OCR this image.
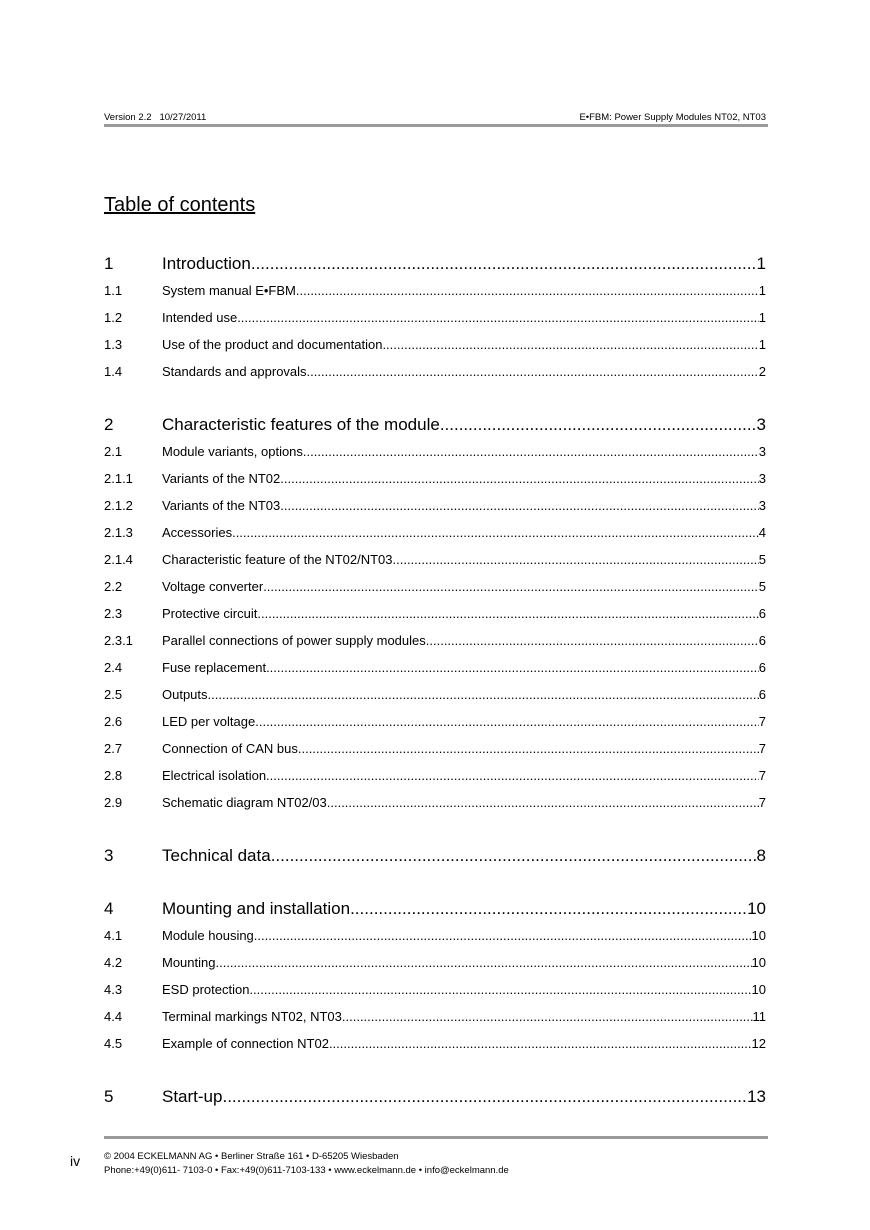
Version 2.2   10/27/2011	E•FBM: Power Supply Modules NT02, NT03
Table of contents
1	Introduction .....	1
1.1	System manual E•FBM .....	1
1.2	Intended use .....	1
1.3	Use of the product and documentation .....	1
1.4	Standards and approvals .....	2
2	Characteristic features of the module .....	3
2.1	Module variants, options .....	3
2.1.1	Variants of the NT02 .....	3
2.1.2	Variants of the NT03 .....	3
2.1.3	Accessories .....	4
2.1.4	Characteristic feature of the NT02/NT03 .....	5
2.2	Voltage converter .....	5
2.3	Protective circuit .....	6
2.3.1	Parallel connections of power supply modules .....	6
2.4	Fuse replacement .....	6
2.5	Outputs .....	6
2.6	LED per voltage .....	7
2.7	Connection of CAN bus .....	7
2.8	Electrical isolation .....	7
2.9	Schematic diagram NT02/03 .....	7
3	Technical data .....	8
4	Mounting and installation .....	10
4.1	Module housing .....	10
4.2	Mounting .....	10
4.3	ESD protection .....	10
4.4	Terminal markings NT02, NT03 .....	11
4.5	Example of connection NT02 .....	12
5	Start-up .....	13
iv	© 2004 ECKELMANN AG • Berliner Straße 161 • D-65205 Wiesbaden
Phone:+49(0)611- 7103-0 • Fax:+49(0)611-7103-133 • www.eckelmann.de • info@eckelmann.de
